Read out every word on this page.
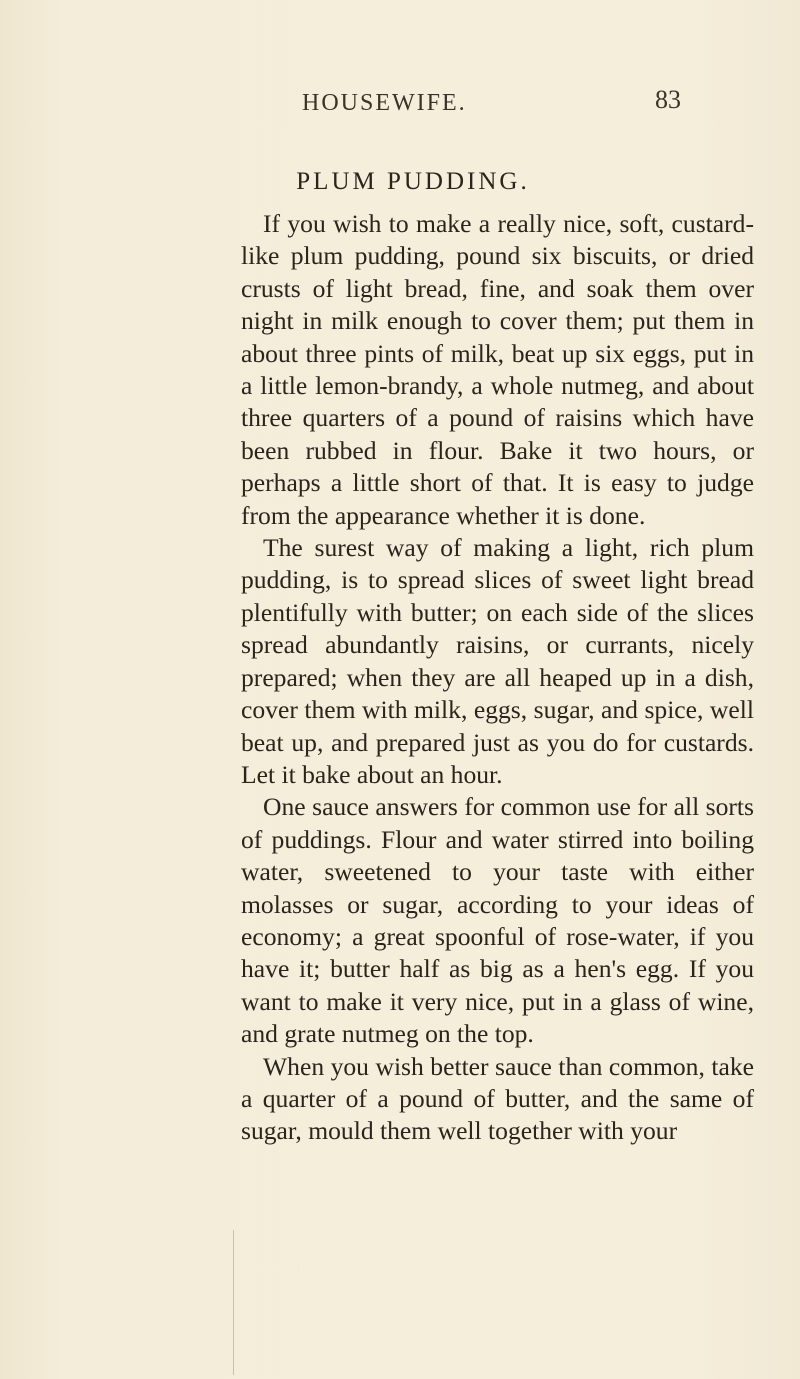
HOUSEWIFE.	83
PLUM PUDDING.

If you wish to make a really nice, soft, custard-like plum pudding, pound six biscuits, or dried crusts of light bread, fine, and soak them over night in milk enough to cover them; put them in about three pints of milk, beat up six eggs, put in a little lemon-brandy, a whole nutmeg, and about three quarters of a pound of raisins which have been rubbed in flour. Bake it two hours, or perhaps a little short of that. It is easy to judge from the appearance whether it is done.

The surest way of making a light, rich plum pudding, is to spread slices of sweet light bread plentifully with butter; on each side of the slices spread abundantly raisins, or currants, nicely prepared; when they are all heaped up in a dish, cover them with milk, eggs, sugar, and spice, well beat up, and prepared just as you do for custards. Let it bake about an hour.

One sauce answers for common use for all sorts of puddings. Flour and water stirred into boiling water, sweetened to your taste with either molasses or sugar, according to your ideas of economy; a great spoonful of rose-water, if you have it; butter half as big as a hen's egg. If you want to make it very nice, put in a glass of wine, and grate nutmeg on the top.

When you wish better sauce than common, take a quarter of a pound of butter, and the same of sugar, mould them well together with your
